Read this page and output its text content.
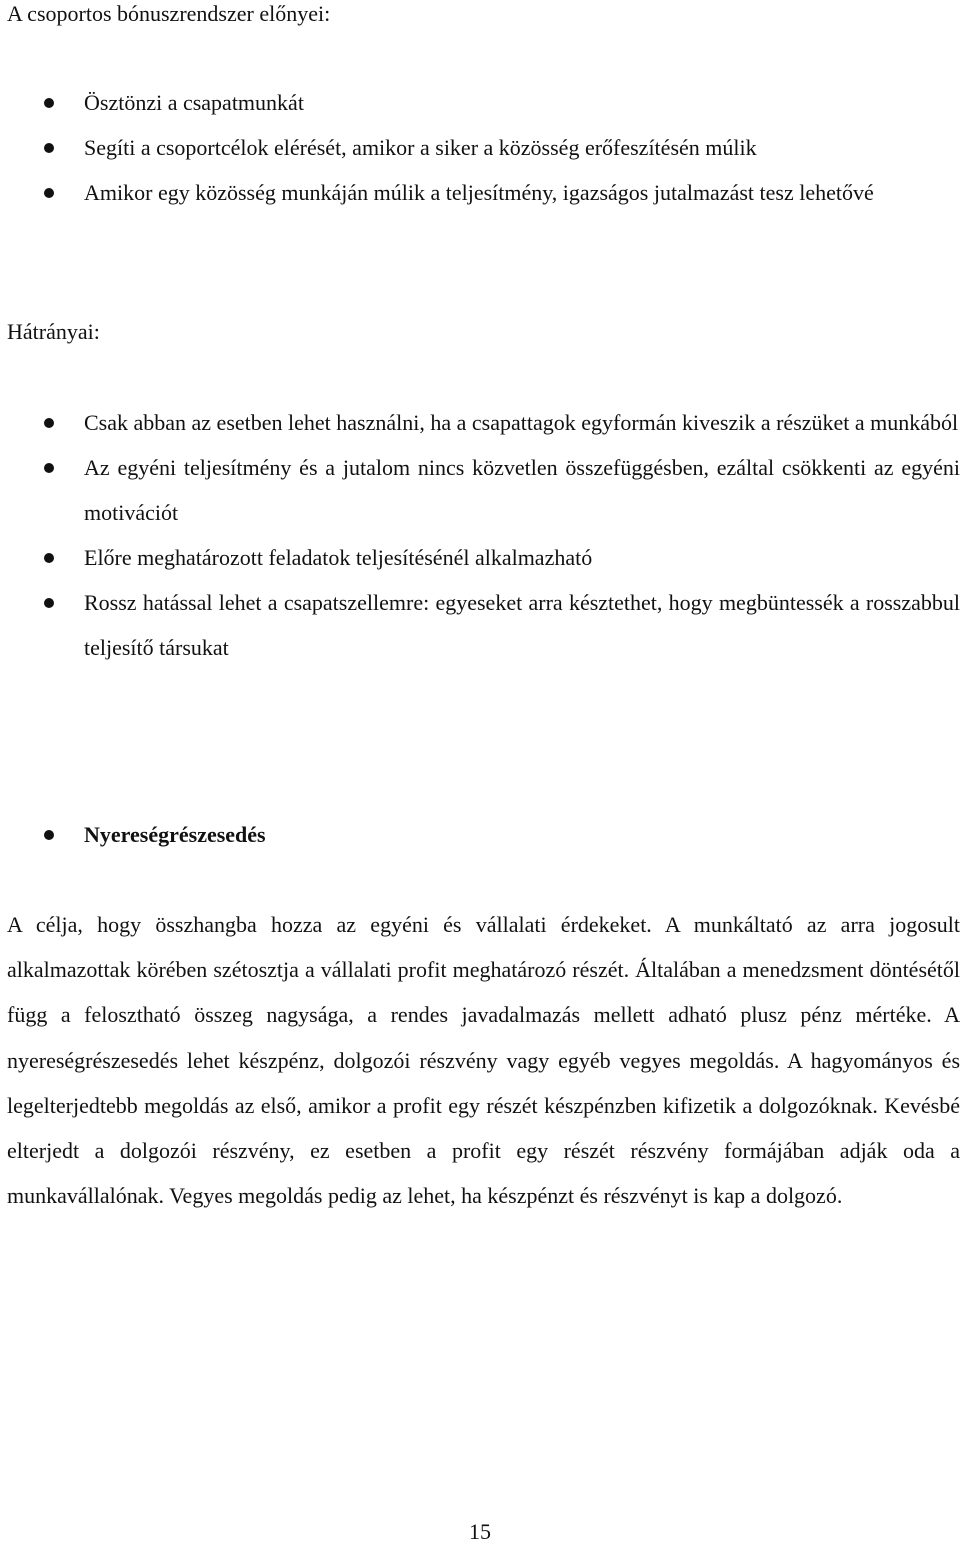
A csoportos bónuszrendszer előnyei:
Ösztönzi a csapatmunkát
Segíti a csoportcélok elérését, amikor a siker a közösség erőfeszítésén múlik
Amikor egy közösség munkáján múlik a teljesítmény, igazságos jutalmazást tesz lehetővé
Hátrányai:
Csak abban az esetben lehet használni, ha a csapattagok egyformán kiveszik a részüket a munkából
Az egyéni teljesítmény és a jutalom nincs közvetlen összefüggésben, ezáltal csökkenti az egyéni motivációt
Előre meghatározott feladatok teljesítésénél alkalmazható
Rossz hatással lehet a csapatszellemre: egyeseket arra késztethet, hogy megbüntessék a rosszabbul teljesítő társukat
Nyereségrészesedés

A célja, hogy összhangba hozza az egyéni és vállalati érdekeket. A munkáltató az arra jogosult alkalmazottak körében szétosztja a vállalati profit meghatározó részét. Általában a menedzsment döntésétől függ a felosztható összeg nagysága, a rendes javadalmazás mellett adható plusz pénz mértéke. A nyereségrészesedés lehet készpénz, dolgozói részvény vagy egyéb vegyes megoldás. A hagyományos és legelterjedtebb megoldás az első, amikor a profit egy részét készpénzben kifizetik a dolgozóknak. Kevésbé elterjedt a dolgozói részvény, ez esetben a profit egy részét részvény formájában adják oda a munkavállalónak. Vegyes megoldás pedig az lehet, ha készpénzt és részvényt is kap a dolgozó.

15
